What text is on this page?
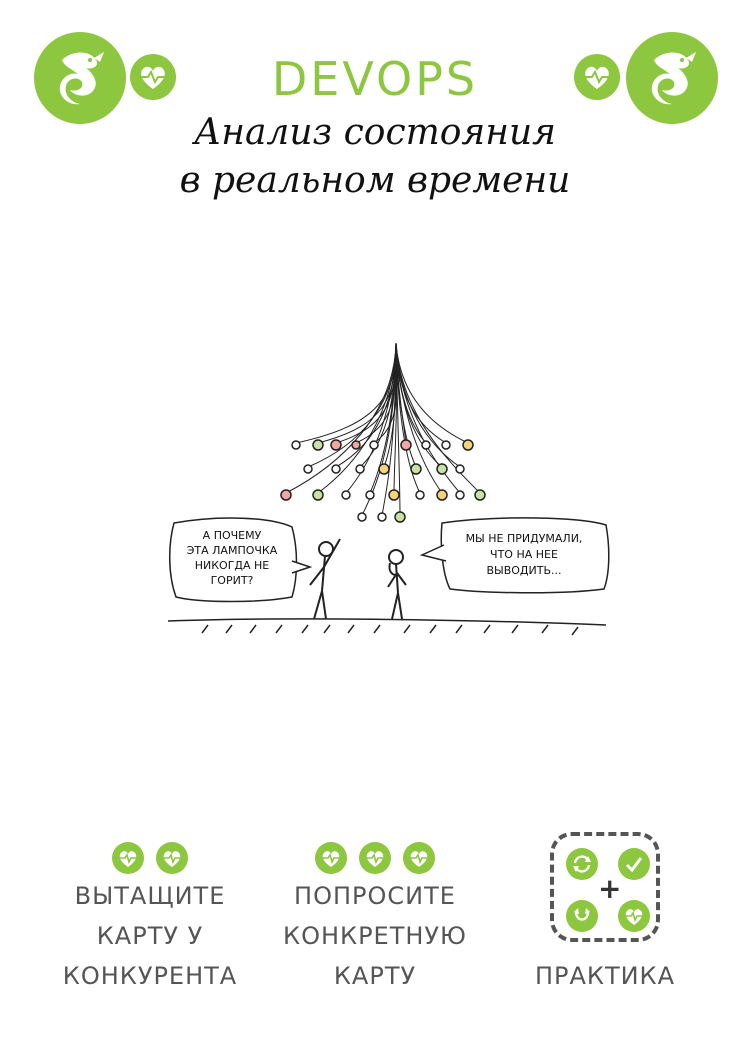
DEVOPS
Анализ состояния
в реальном времени
А ПОЧЕМУ
ЭТА ЛАМПОЧКА
НИКОГДА НЕ
ГОРИТ?
МЫ НЕ ПРИДУМАЛИ,
ЧТО НА НЕЕ
ВЫВОДИТЬ...
ВЫТАЩИТЕ
КАРТУ У
КОНКУРЕНТА
ПОПРОСИТЕ
КОНКРЕТНУЮ
КАРТУ
+
ПРАКТИКА
